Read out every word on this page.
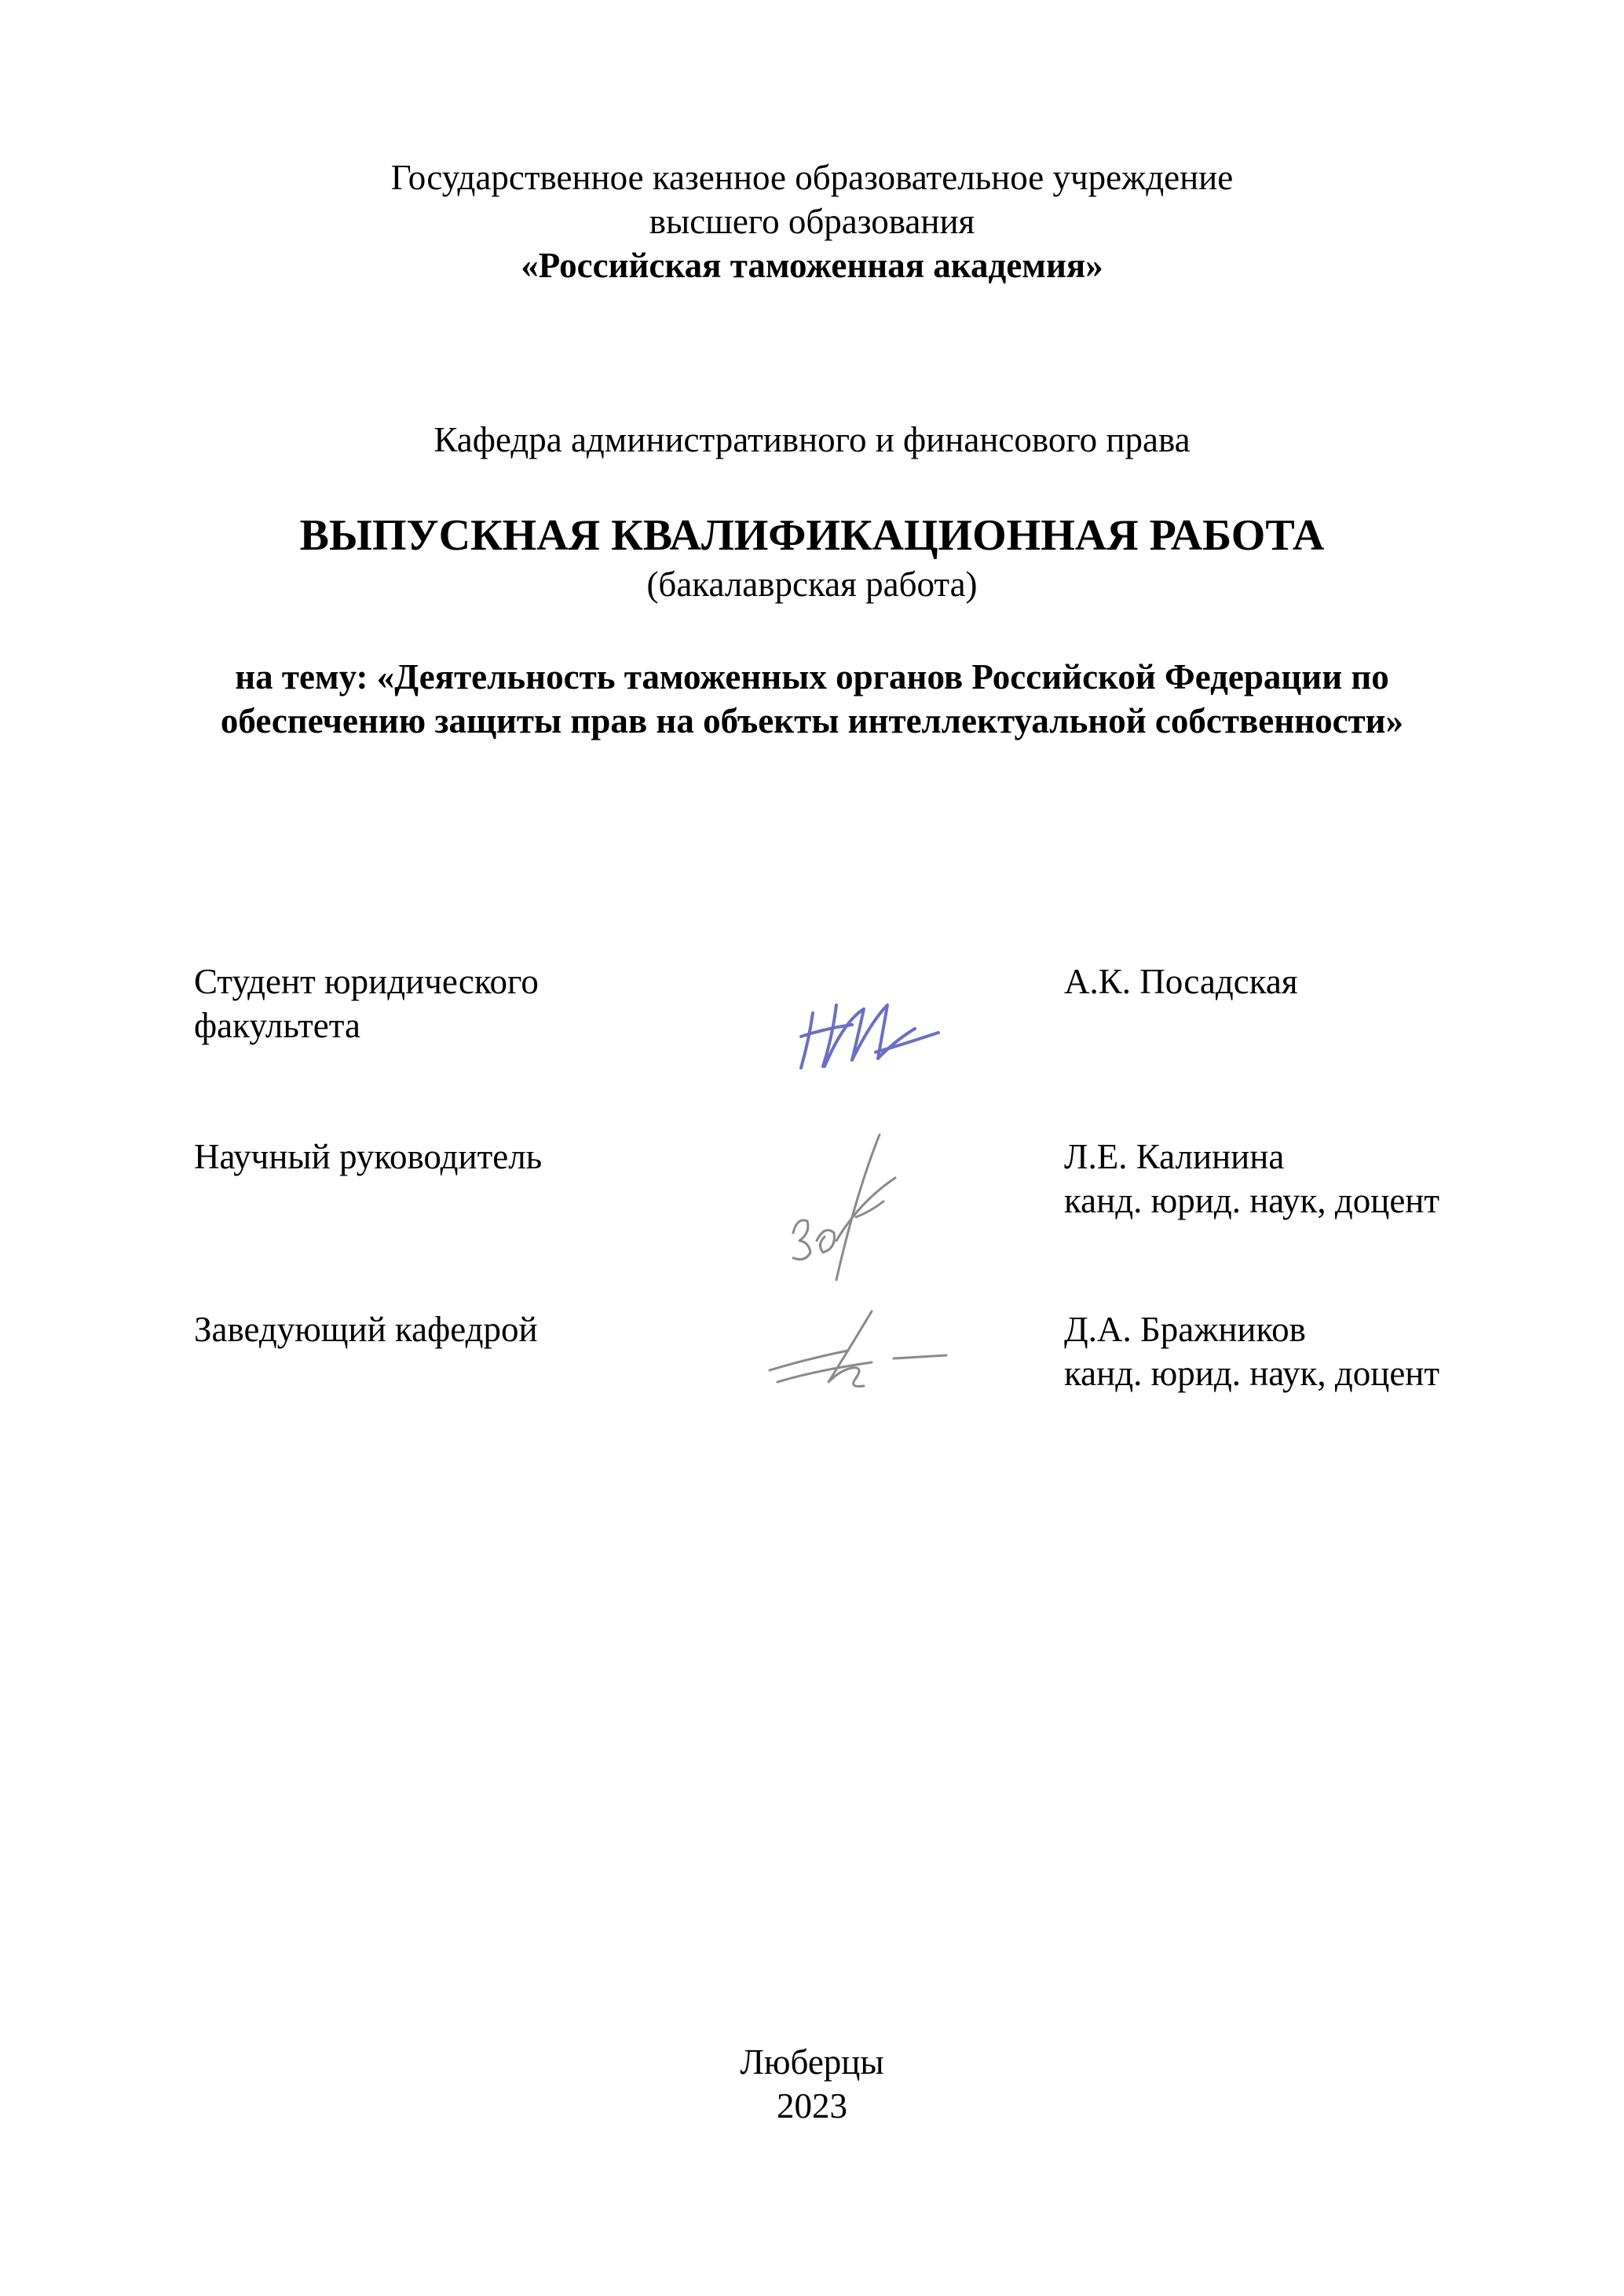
Государственное казенное образовательное учреждение
высшего образования
«Российская таможенная академия»
Кафедра административного и финансового права
ВЫПУСКНАЯ КВАЛИФИКАЦИОННАЯ РАБОТА
(бакалаврская работа)
на тему: «Деятельность таможенных органов Российской Федерации по
обеспечению защиты прав на объекты интеллектуальной собственности»
Студент юридического
факультета
А.К. Посадская
Научный руководитель	Л.Е. Калинина
канд. юрид. наук, доцент
Заведующий кафедрой	Д.А. Бражников
канд. юрид. наук, доцент
Люберцы
2023
